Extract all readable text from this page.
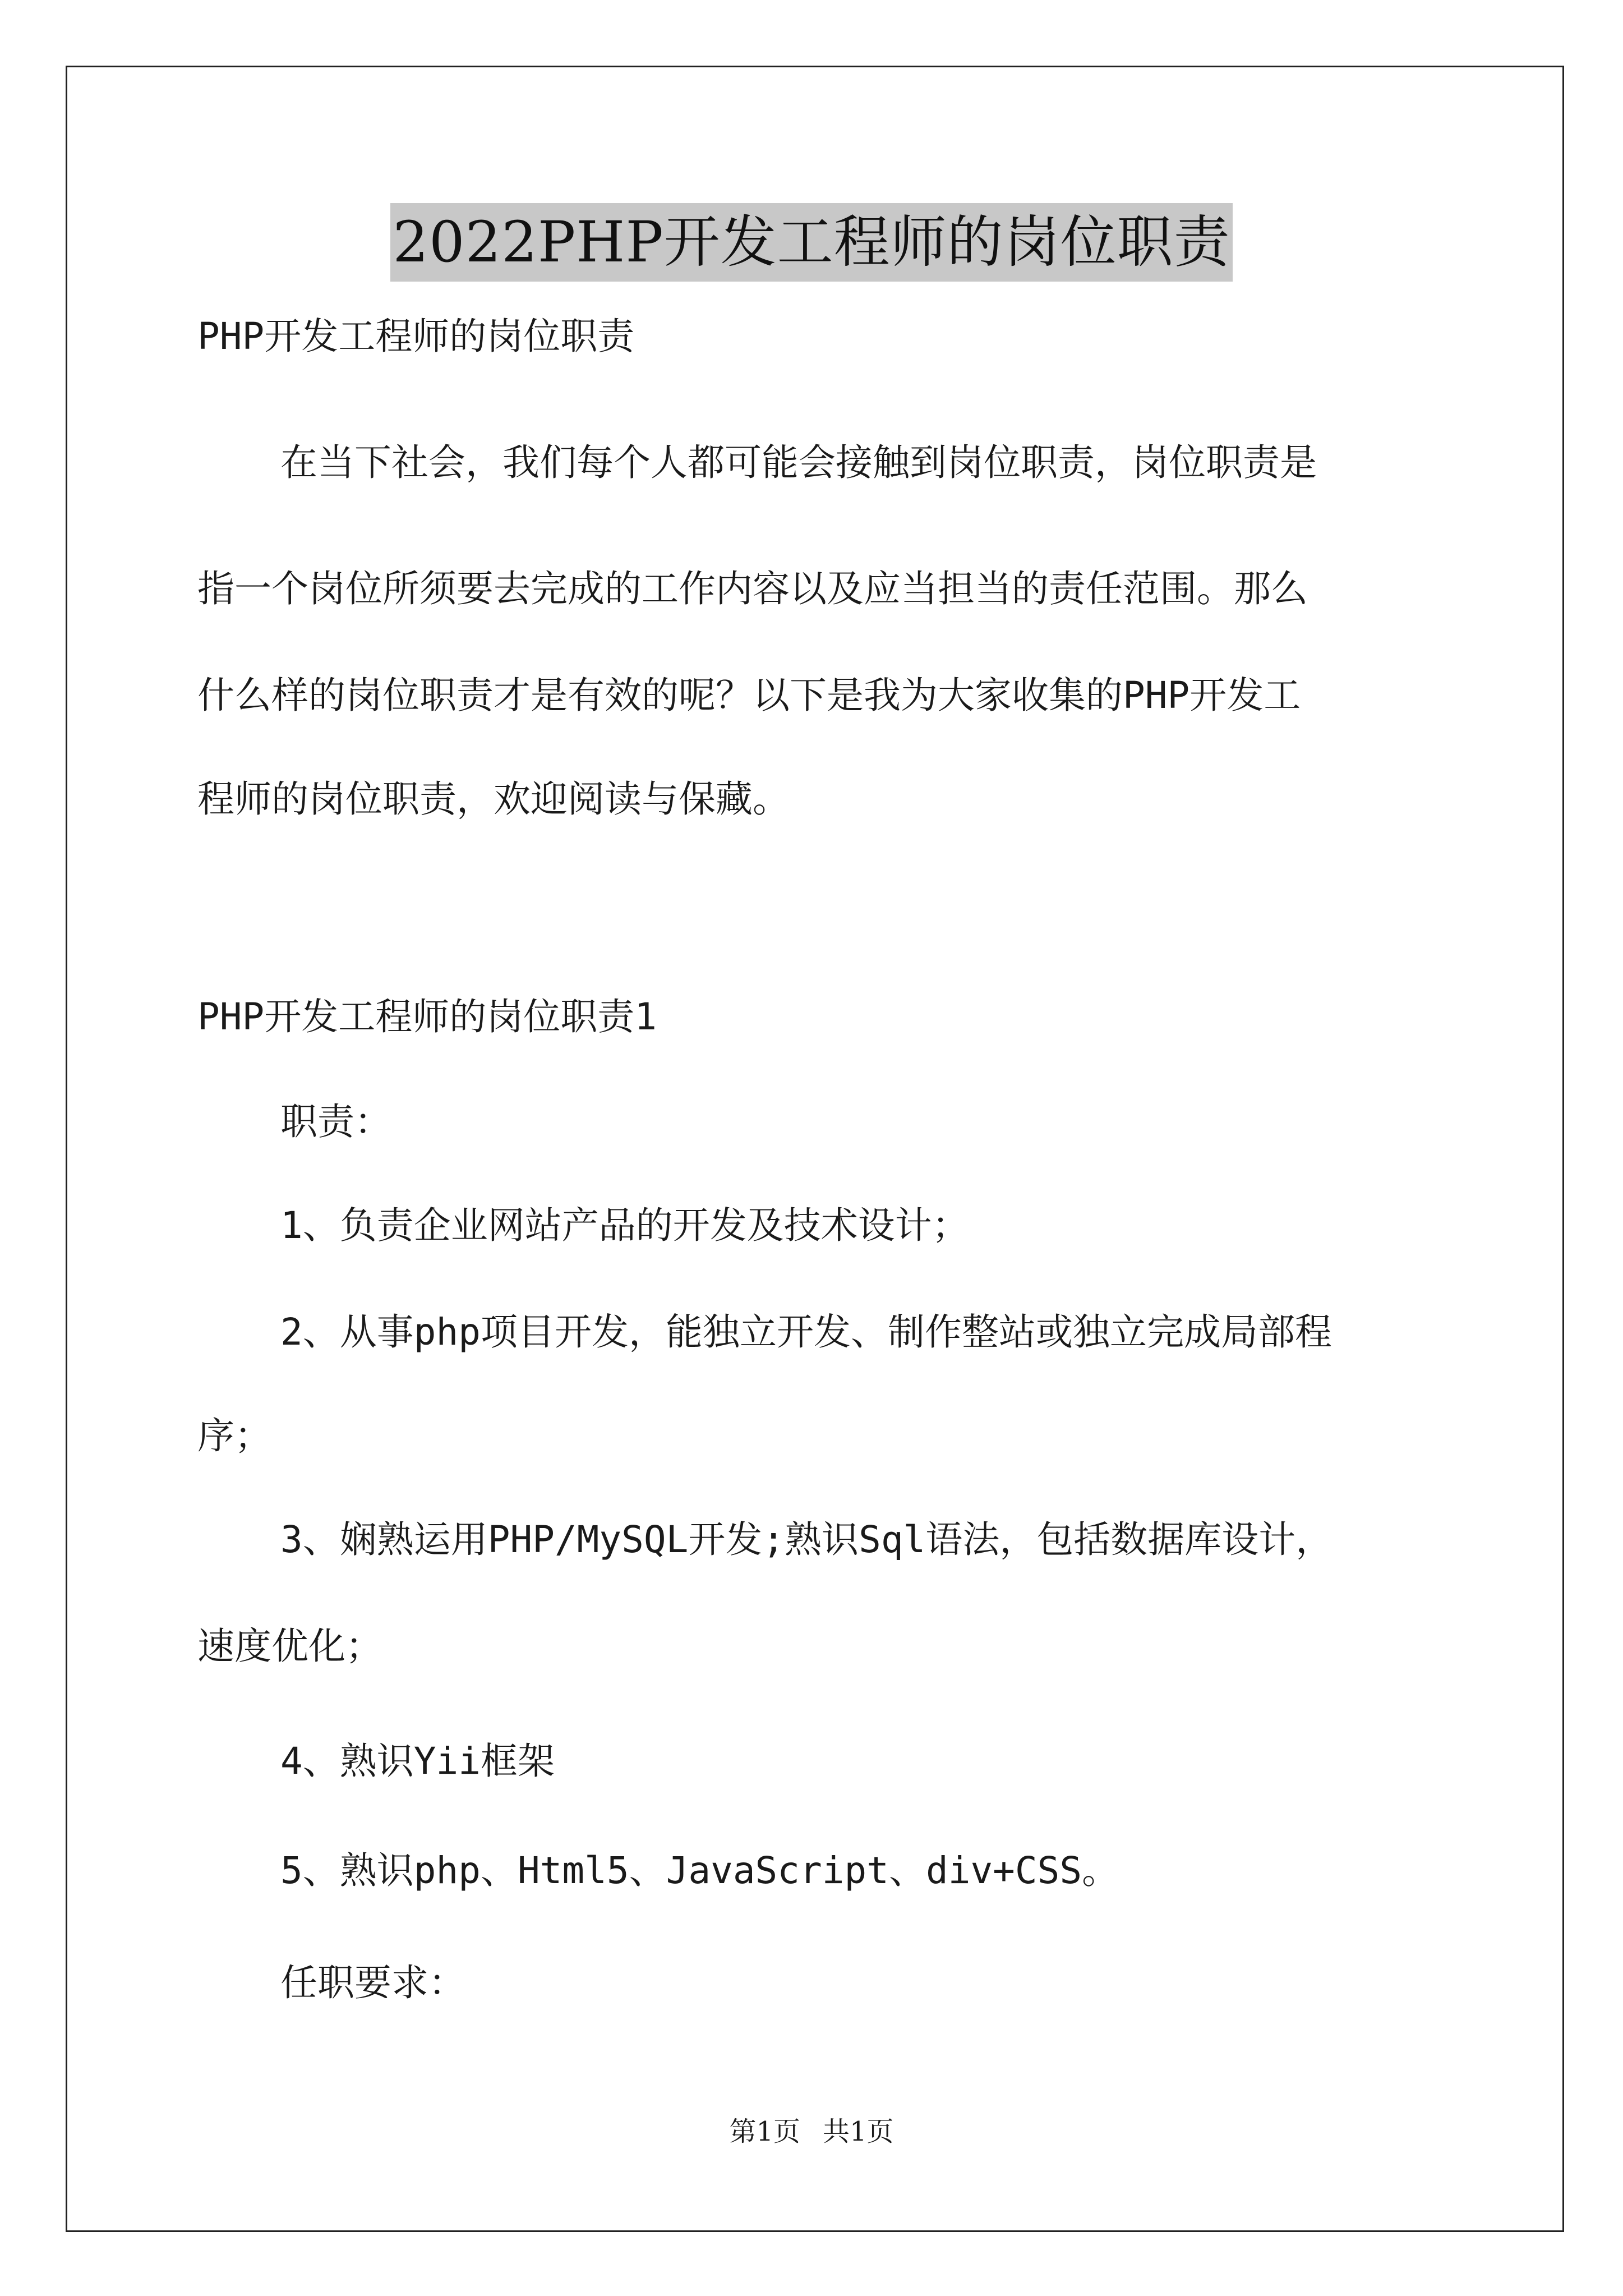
2022PHP开发工程师的岗位职责
PHP开发工程师的岗位职责
在当下社会，我们每个人都可能会接触到岗位职责，岗位职责是
指一个岗位所须要去完成的工作内容以及应当担当的责任范围。那么
什么样的岗位职责才是有效的呢？以下是我为大家收集的PHP开发工
程师的岗位职责，欢迎阅读与保藏。
PHP开发工程师的岗位职责1
职责：
1、负责企业网站产品的开发及技术设计；
2、从事php项目开发，能独立开发、制作整站或独立完成局部程
序；
3、娴熟运用PHP/MySQL开发;熟识Sql语法，包括数据库设计，
速度优化；
4、熟识Yii框架
5、熟识php、Html5、JavaScript、div+CSS。
任职要求：
第1页 共1页
